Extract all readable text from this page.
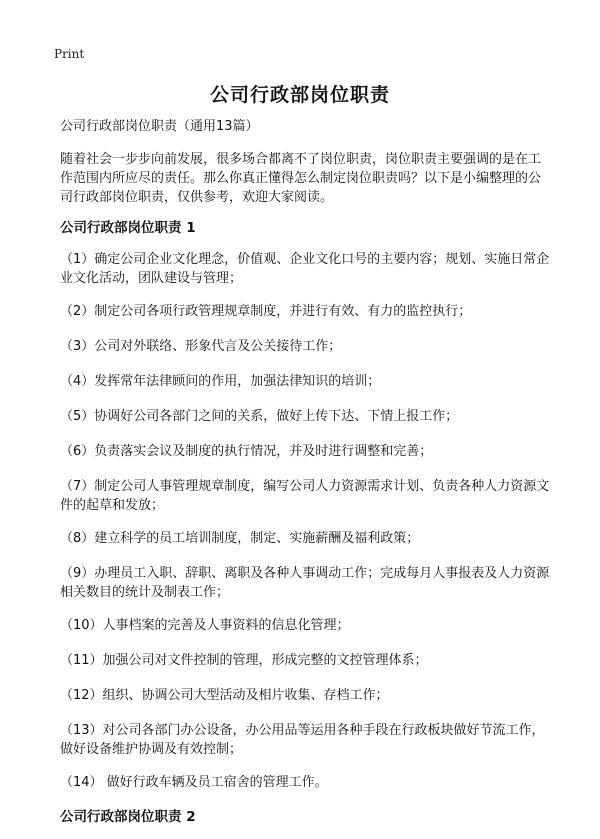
Print
公司行政部岗位职责

公司行政部岗位职责（通用13篇）

随着社会一步步向前发展，很多场合都离不了岗位职责，岗位职责主要强调的是在工作范围内所应尽的责任。那么你真正懂得怎么制定岗位职责吗？以下是小编整理的公司行政部岗位职责，仅供参考，欢迎大家阅读。

公司行政部岗位职责 1

（1）确定公司企业文化理念，价值观、企业文化口号的主要内容；规划、实施日常企业文化活动，团队建设与管理；

（2）制定公司各项行政管理规章制度，并进行有效、有力的监控执行；

（3）公司对外联络、形象代言及公关接待工作；

（4）发挥常年法律顾问的作用，加强法律知识的培训；

（5）协调好公司各部门之间的关系，做好上传下达、下情上报工作；

（6）负责落实会议及制度的执行情况，并及时进行调整和完善；

（7）制定公司人事管理规章制度，编写公司人力资源需求计划、负责各种人力资源文件的起草和发放；

（8）建立科学的员工培训制度，制定、实施薪酬及福利政策；

（9）办理员工入职、辞职、离职及各种人事调动工作；完成每月人事报表及人力资源相关数目的统计及制表工作；

（10）人事档案的完善及人事资料的信息化管理；

（11）加强公司对文件控制的管理，形成完整的文控管理体系；

（12）组织、协调公司大型活动及相片收集、存档工作；

（13）对公司各部门办公设备，办公用品等运用各种手段在行政板块做好节流工作，做好设备维护协调及有效控制；

（14） 做好行政车辆及员工宿舍的管理工作。

公司行政部岗位职责 2
